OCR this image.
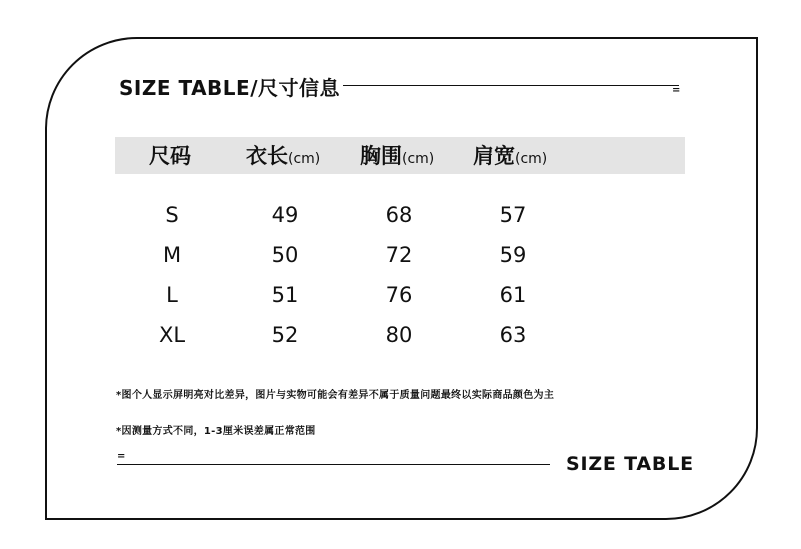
SIZE TABLE/尺寸信息	=
尺码	衣长(cm) 胸围(cm) 肩宽(cm)
S	49	68	57
M	50	72	59
L	51	76	61
XL	52	80	63
*图个人显示屏明亮对比差异，图片与实物可能会有差异不属于质量问题最终以实际商品颜色为主
*因测量方式不同，1-3厘米误差属正常范围
=	SIZE TABLE
